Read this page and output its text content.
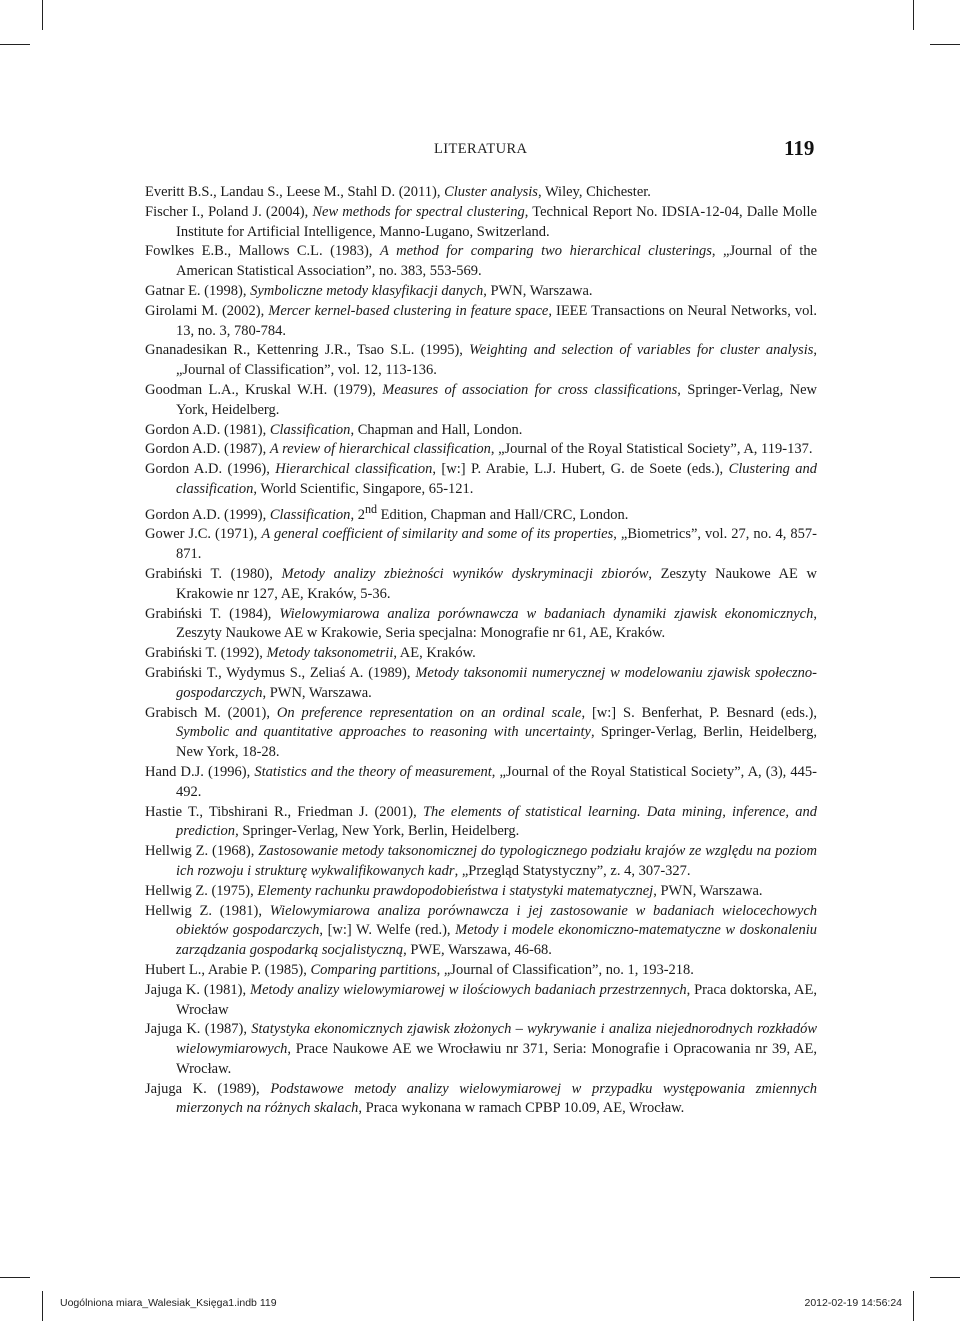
LITERATURA	119
Everitt B.S., Landau S., Leese M., Stahl D. (2011), Cluster analysis, Wiley, Chichester.
Fischer I., Poland J. (2004), New methods for spectral clustering, Technical Report No. IDSIA-12-04, Dalle Molle Institute for Artificial Intelligence, Manno-Lugano, Switzerland.
Fowlkes E.B., Mallows C.L. (1983), A method for comparing two hierarchical clusterings, „Journal of the American Statistical Association”, no. 383, 553-569.
Gatnar E. (1998), Symboliczne metody klasyfikacji danych, PWN, Warszawa.
Girolami M. (2002), Mercer kernel-based clustering in feature space, IEEE Transactions on Neural Networks, vol. 13, no. 3, 780-784.
Gnanadesikan R., Kettenring J.R., Tsao S.L. (1995), Weighting and selection of variables for cluster analysis, „Journal of Classification”, vol. 12, 113-136.
Goodman L.A., Kruskal W.H. (1979), Measures of association for cross classifications, Springer-Verlag, New York, Heidelberg.
Gordon A.D. (1981), Classification, Chapman and Hall, London.
Gordon A.D. (1987), A review of hierarchical classification, „Journal of the Royal Statistical Society”, A, 119-137.
Gordon A.D. (1996), Hierarchical classification, [w:] P. Arabie, L.J. Hubert, G. de Soete (eds.), Clustering and classification, World Scientific, Singapore, 65-121.
Gordon A.D. (1999), Classification, 2nd Edition, Chapman and Hall/CRC, London.
Gower J.C. (1971), A general coefficient of similarity and some of its properties, „Biometrics”, vol. 27, no. 4, 857-871.
Grabiński T. (1980), Metody analizy zbieżności wyników dyskryminacji zbiorów, Zeszyty Naukowe AE w Krakowie nr 127, AE, Kraków, 5-36.
Grabiński T. (1984), Wielowymiarowa analiza porównawcza w badaniach dynamiki zjawisk ekonomicznych, Zeszyty Naukowe AE w Krakowie, Seria specjalna: Monografie nr 61, AE, Kraków.
Grabiński T. (1992), Metody taksonometrii, AE, Kraków.
Grabiński T., Wydymus S., Zeliaś A. (1989), Metody taksonomii numerycznej w modelowaniu zjawisk społeczno-gospodarczych, PWN, Warszawa.
Grabisch M. (2001), On preference representation on an ordinal scale, [w:] S. Benferhat, P. Besnard (eds.), Symbolic and quantitative approaches to reasoning with uncertainty, Springer-Verlag, Berlin, Heidelberg, New York, 18-28.
Hand D.J. (1996), Statistics and the theory of measurement, „Journal of the Royal Statistical Society”, A, (3), 445-492.
Hastie T., Tibshirani R., Friedman J. (2001), The elements of statistical learning. Data mining, inference, and prediction, Springer-Verlag, New York, Berlin, Heidelberg.
Hellwig Z. (1968), Zastosowanie metody taksonomicznej do typologicznego podziału krajów ze względu na poziom ich rozwoju i strukturę wykwalifikowanych kadr, „Przegląd Statystyczny”, z. 4, 307-327.
Hellwig Z. (1975), Elementy rachunku prawdopodobieństwa i statystyki matematycznej, PWN, Warszawa.
Hellwig Z. (1981), Wielowymiarowa analiza porównawcza i jej zastosowanie w badaniach wielocechowych obiektów gospodarczych, [w:] W. Welfe (red.), Metody i modele ekonomiczno-matematyczne w doskonaleniu zarządzania gospodarką socjalistyczną, PWE, Warszawa, 46-68.
Hubert L., Arabie P. (1985), Comparing partitions, „Journal of Classification”, no. 1, 193-218.
Jajuga K. (1981), Metody analizy wielowymiarowej w ilościowych badaniach przestrzennych, Praca doktorska, AE, Wrocław
Jajuga K. (1987), Statystyka ekonomicznych zjawisk złożonych – wykrywanie i analiza niejednorodnych rozkładów wielowymiarowych, Prace Naukowe AE we Wrocławiu nr 371, Seria: Monografie i Opracowania nr 39, AE, Wrocław.
Jajuga K. (1989), Podstawowe metody analizy wielowymiarowej w przypadku występowania zmiennych mierzonych na różnych skalach, Praca wykonana w ramach CPBP 10.09, AE, Wrocław.
Uogólniona miara_Walesiak_Księga1.indb 119	2012-02-19 14:56:24
